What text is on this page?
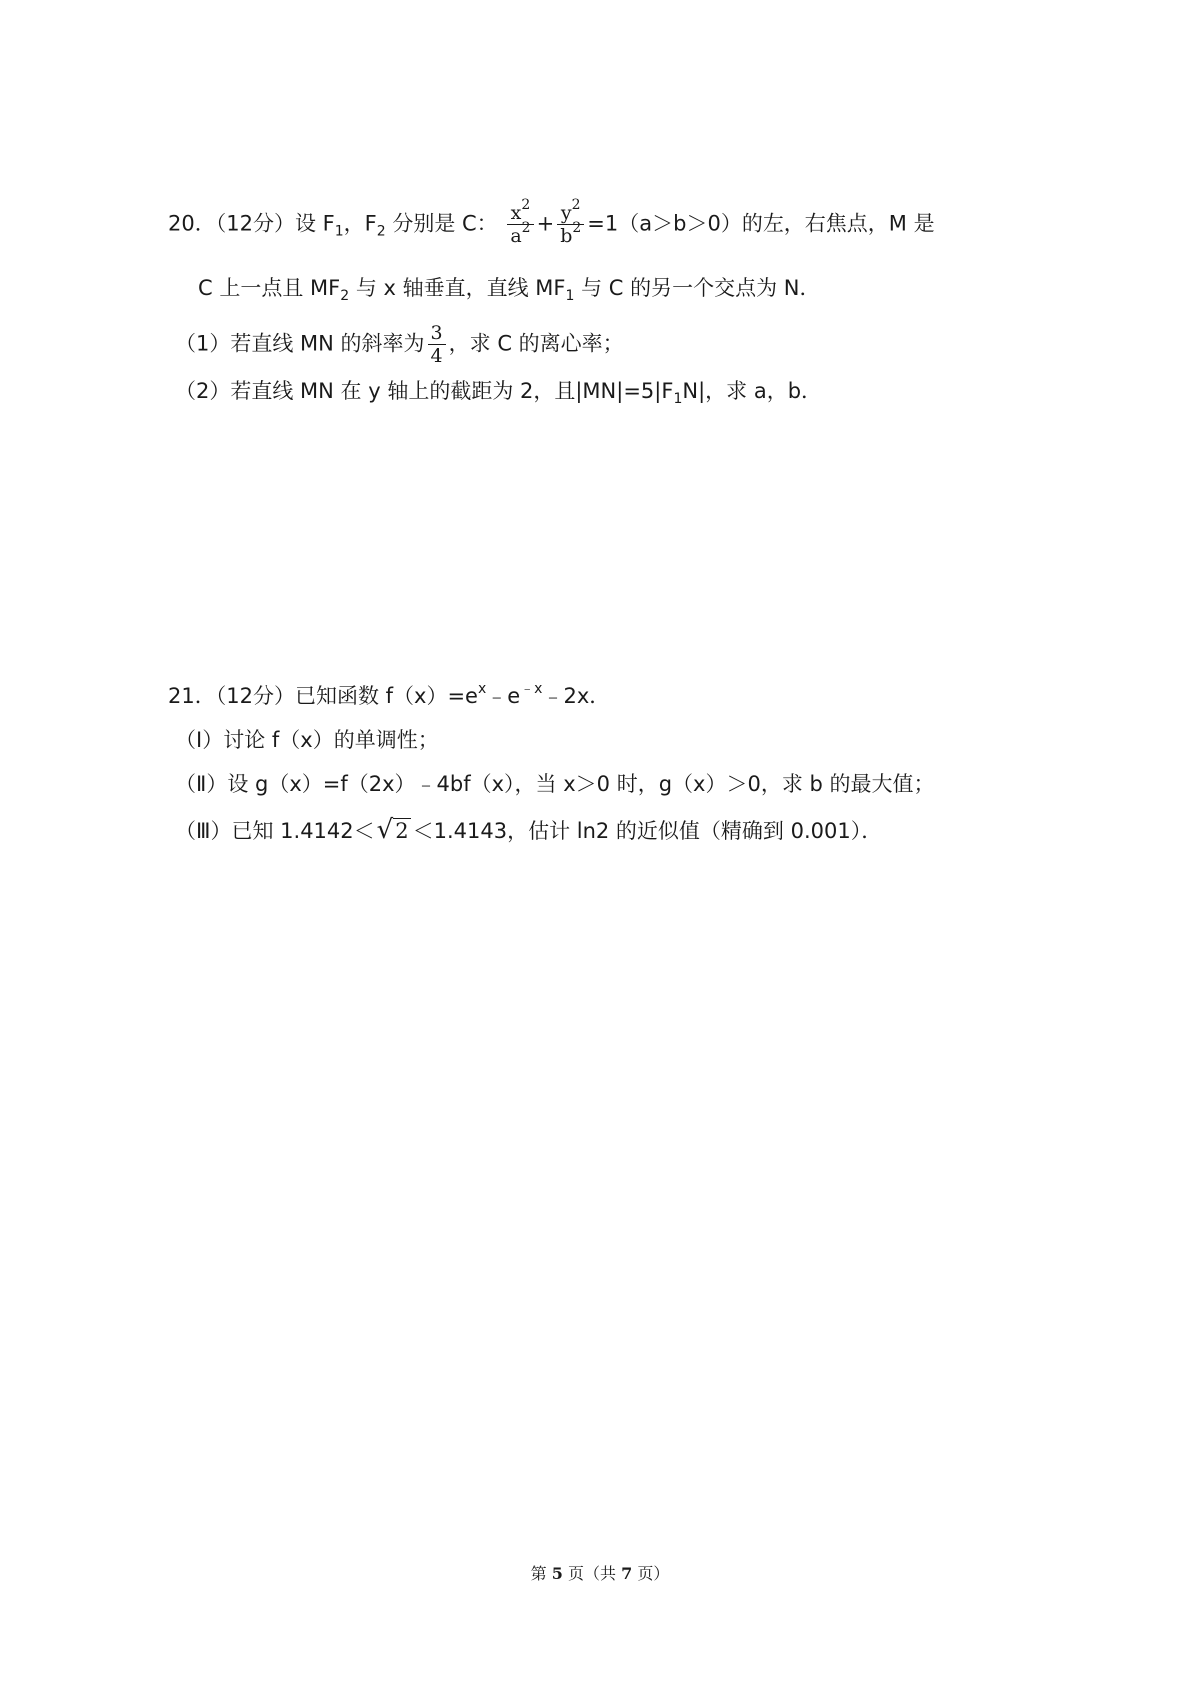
20．（12分）设 $F_1$，$F_2$ 分别是 C： $\frac{x^2}{a^2} + \frac{y^2}{b^2} =1(a>b>0)$的左，右焦点，M 是
C 上一点且 $MF_2$ 与 x 轴垂直，直线 $MF_1$ 与 C 的另一个交点为 N．
（1）若直线 MN 的斜率为 $\frac{3}{4}$ ，求 C 的离心率；
（2）若直线 MN 在 y 轴上的截距为 2，且$|MN|=5|F_1N|$，求 a，b．
21．（12分）已知函数 $f(x)=e^x﹣e^{﹣x}﹣2x$．
（Ⅰ）讨论 f（x）的单调性；
（Ⅱ）设 g（x）=f（2x）﹣4bf（x），当 x＞0 时，g（x）＞0，求 b 的最大值；
（Ⅲ）已知 1.4142＜√2 ＜1.4143，估计 ln2 的近似值（精确到 0.001）．
第 5 页（共 7 页）
